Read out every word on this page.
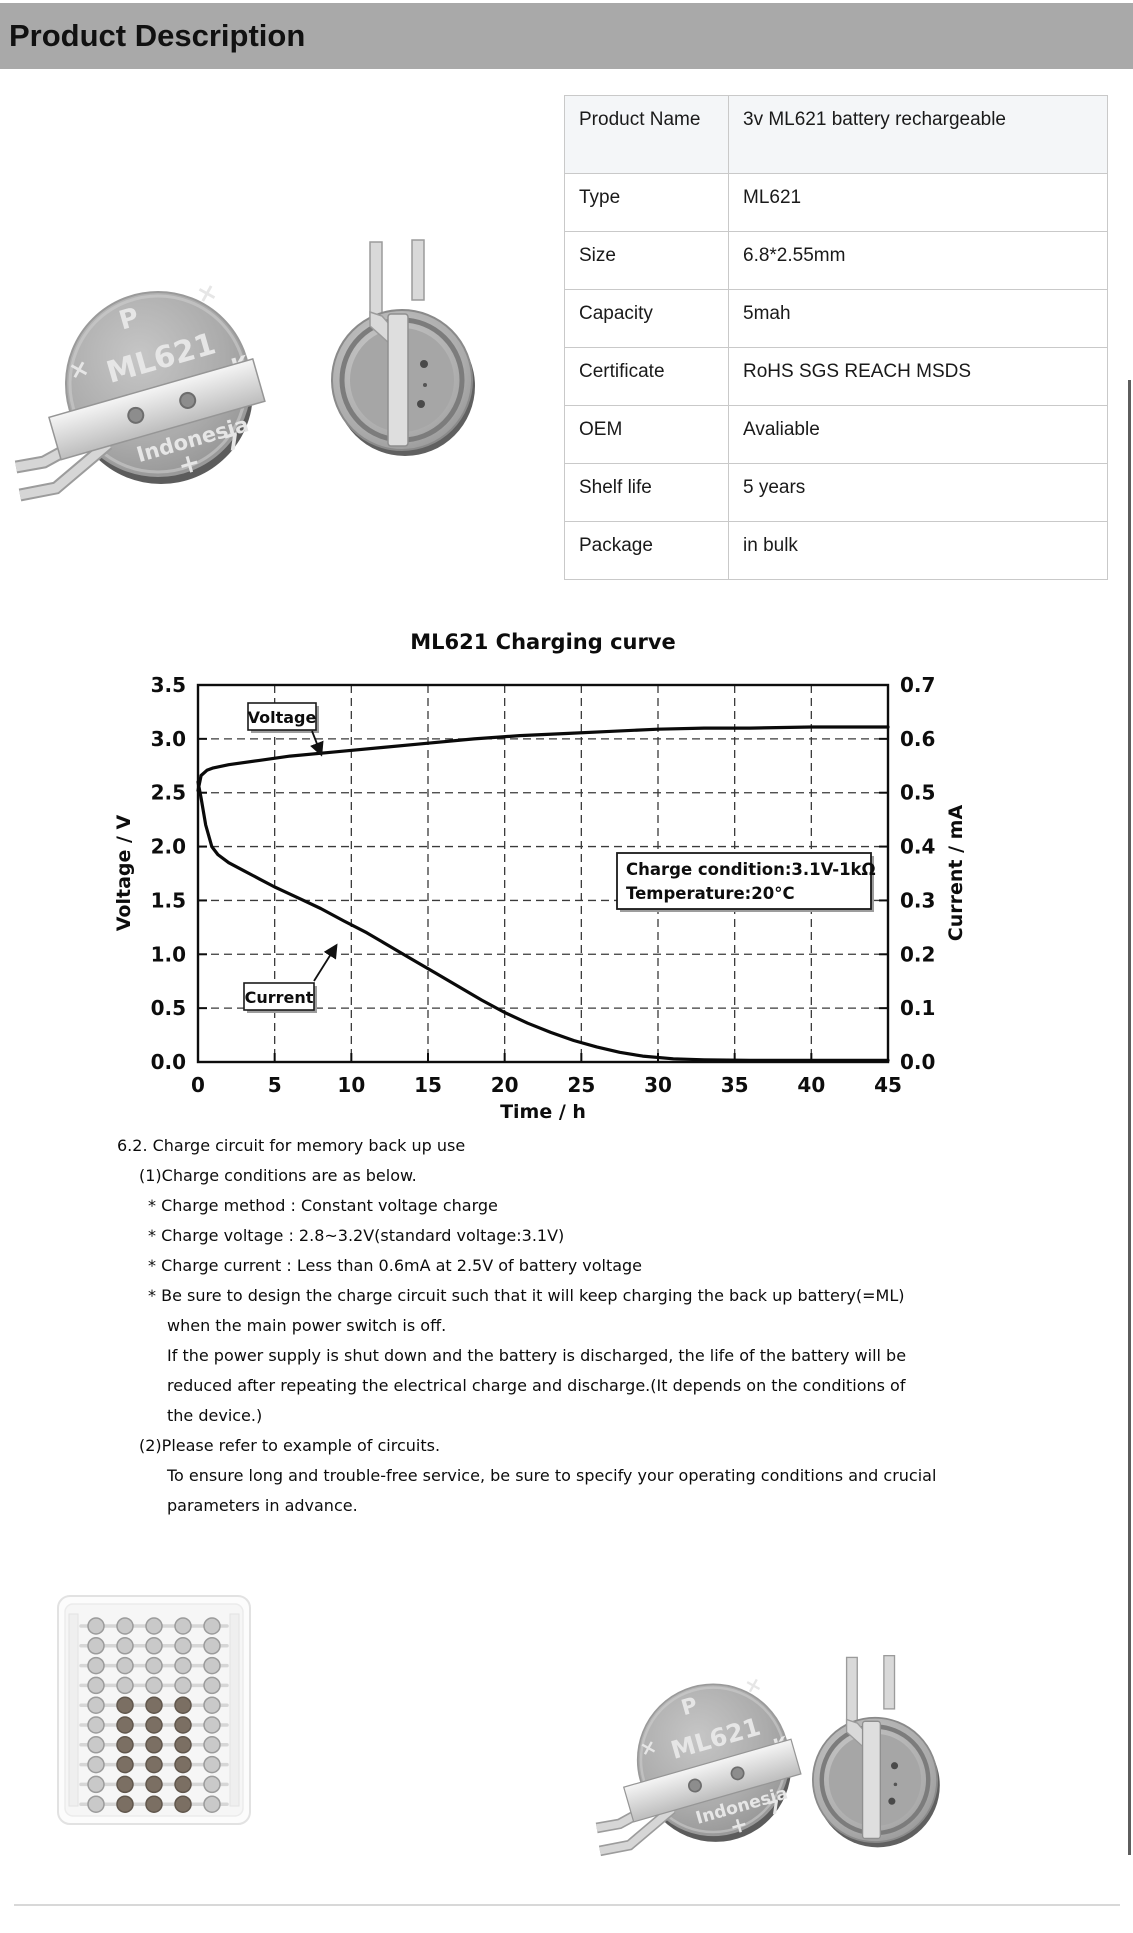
Product Description
Product Name	3v ML621 battery rechargeable
Type	ML621
Size	6.8*2.55mm
Capacity	5mah
Certificate	RoHS SGS REACH MSDS
OEM	Avaliable
Shelf life	5 years
Package	in bulk
ML621 Charging curve
0	5	10 15 20 25 30 35 40 45
3.5
3.0
2.5
2.0
1.5
1.0
0.5
0.0
0.7
0.6
0.5
0.4
0.3
0.2
0.1
0.0
Voltage / V	Current / mA
Time / h
Voltage
Current
Charge condition:3.1V-1kΩ
Temperature:20°C
6.2. Charge circuit for memory back up use
(1)Charge conditions are as below.
* Charge method : Constant voltage charge
* Charge voltage : 2.8~3.2V(standard voltage:3.1V)
* Charge current : Less than 0.6mA at 2.5V of battery voltage
* Be sure to design the charge circuit such that it will keep charging the back up battery(=ML)
when the main power switch is off.
If the power supply is shut down and the battery is discharged, the life of the battery will be
reduced after repeating the electrical charge and discharge.(It depends on the conditions of
the device.)
(2)Please refer to example of circuits.
To ensure long and trouble-free service, be sure to specify your operating conditions and crucial
parameters in advance.
